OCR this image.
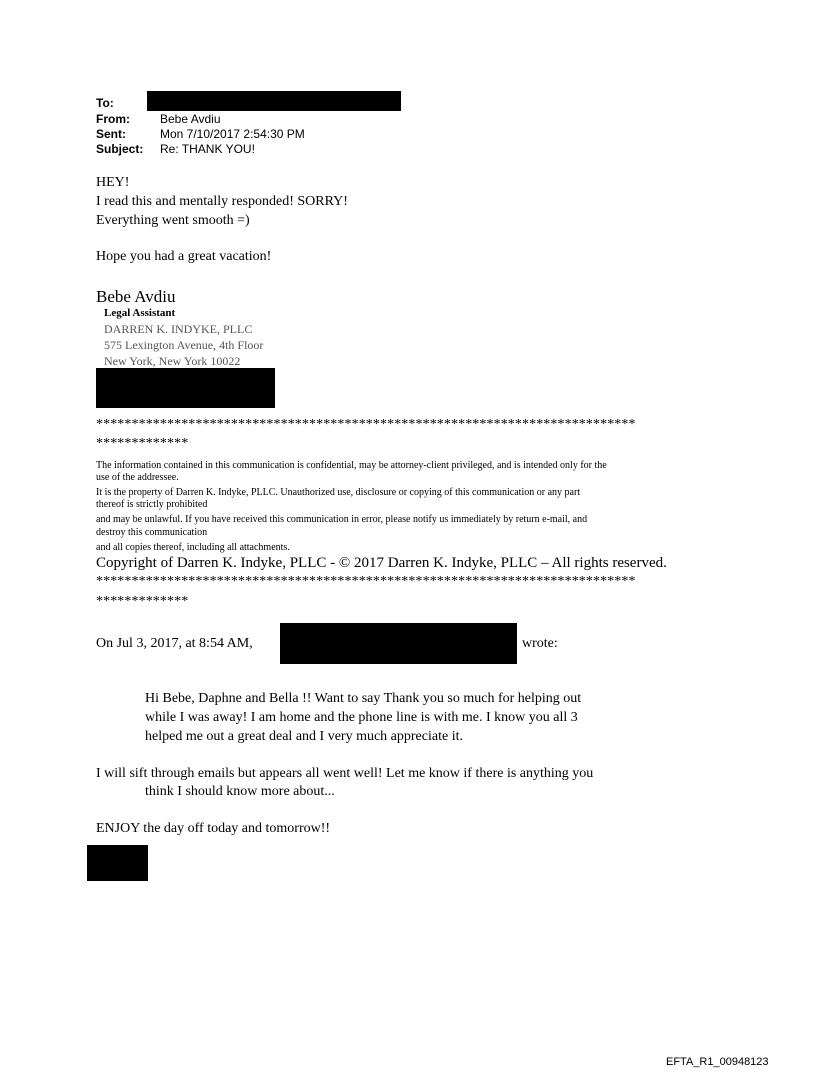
To:
From:	Bebe Avdiu
Sent:	Mon 7/10/2017 2:54:30 PM
Subject: Re: THANK YOU!
HEY!
I read this and mentally responded! SORRY!
Everything went smooth =)
Hope you had a great vacation!
Bebe Avdiu
Legal Assistant
DARREN K. INDYKE, PLLC
575 Lexington Avenue, 4th Floor
New York, New York 10022
****************************************************************************
*************
The information contained in this communication is confidential, may be attorney-client privileged, and is intended only for the
use of the addressee.
It is the property of Darren K. Indyke, PLLC. Unauthorized use, disclosure or copying of this communication or any part
thereof is strictly prohibited
and may be unlawful. If you have received this communication in error, please notify us immediately by return e-mail, and
destroy this communication
and all copies thereof, including all attachments.
Copyright of Darren K. Indyke, PLLC - © 2017 Darren K. Indyke, PLLC – All rights reserved.
****************************************************************************
*************
On Jul 3, 2017, at 8:54 AM,	wrote:
Hi Bebe, Daphne and Bella !! Want to say Thank you so much for helping out
while I was away! I am home and the phone line is with me. I know you all 3
helped me out a great deal and I very much appreciate it.
I will sift through emails but appears all went well! Let me know if there is anything you
think I should know more about...
ENJOY the day off today and tomorrow!!
EFTA_R1_00948123
